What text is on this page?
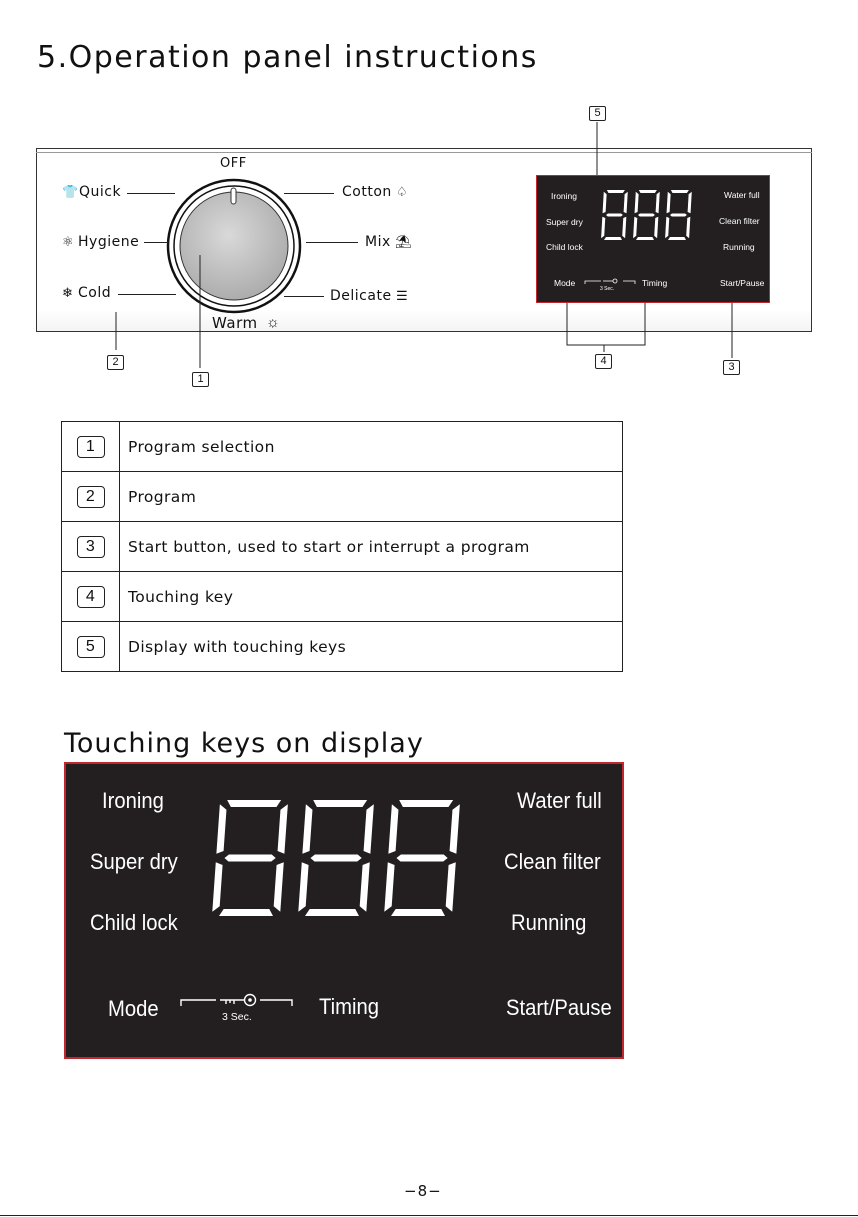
5.Operation panel instructions
OFF
Warm ☼
👕 Quick
⚛ Hygiene
❄ Cold
Cotton ♤
Mix ⛱
Delicate ☰
Ironing
Super dry
Child lock
Water full
Clean filter
Running
Mode	Timing	Start/Pause
3 Sec.
5
2
1
4	3
1	Program selection
2	Program
3	Start button, used to start or interrupt a program
4	Touching key
5	Display with touching keys
Touching keys on display
Ironing
Super dry
Child lock
Water full
Clean filter
Running
Mode	Timing	Start/Pause
3 Sec.
−8−
